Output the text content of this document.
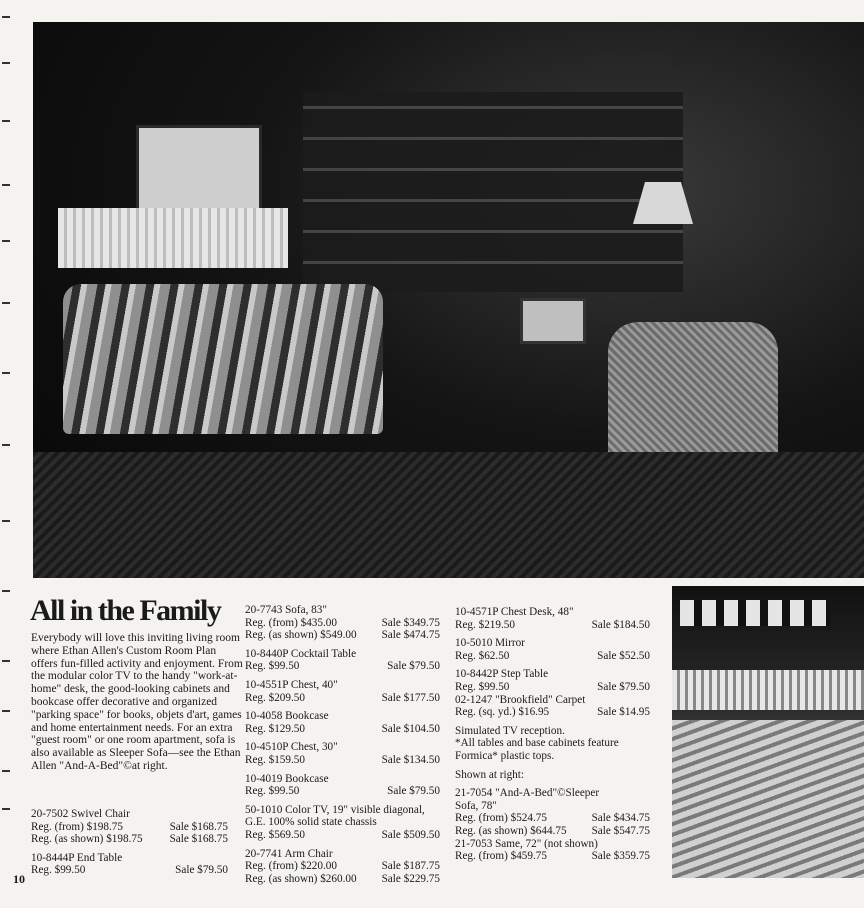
All in the Family

Everybody will love this inviting living room where Ethan Allen's Custom Room Plan offers fun-filled activity and enjoyment. From the modular color TV to the handy "work-at-home" desk, the good-looking cabinets and bookcase offer decorative and organized "parking space" for books, objets d'art, games and home entertainment needs. For an extra "guest room" or one room apartment, sofa is also available as Sleeper Sofa—see the Ethan Allen "And-A-Bed"©at right.

20-7502 Swivel Chair
Reg. (from) $198.75	Sale $168.75
Reg. (as shown) $198.75 Sale $168.75
10-8444P End Table
Reg. $99.50	Sale $79.50
20-7743 Sofa, 83"
Reg. (from) $435.00	Sale $349.75
Reg. (as shown) $549.00 Sale $474.75
10-8440P Cocktail Table
Reg. $99.50	Sale $79.50
10-4551P Chest, 40"
Reg. $209.50	Sale $177.50
10-4058 Bookcase
Reg. $129.50	Sale $104.50
10-4510P Chest, 30"
Reg. $159.50	Sale $134.50
10-4019 Bookcase
Reg. $99.50	Sale $79.50
50-1010 Color TV, 19" visible diagonal,
G.E. 100% solid state chassis
Reg. $569.50	Sale $509.50
20-7741 Arm Chair
Reg. (from) $220.00	Sale $187.75
Reg. (as shown) $260.00 Sale $229.75
10-4571P Chest Desk, 48"
Reg. $219.50	Sale $184.50
10-5010 Mirror
Reg. $62.50	Sale $52.50
10-8442P Step Table
Reg. $99.50	Sale $79.50
02-1247 "Brookfield" Carpet
Reg. (sq. yd.) $16.95	Sale $14.95
Simulated TV reception.
*All tables and base cabinets feature
Formica* plastic tops.
Shown at right:
21-7054 "And-A-Bed"©Sleeper
Sofa, 78"
Reg. (from) $524.75	Sale $434.75
Reg. (as shown) $644.75 Sale $547.75
21-7053 Same, 72" (not shown)
Reg. (from) $459.75	Sale $359.75
10
